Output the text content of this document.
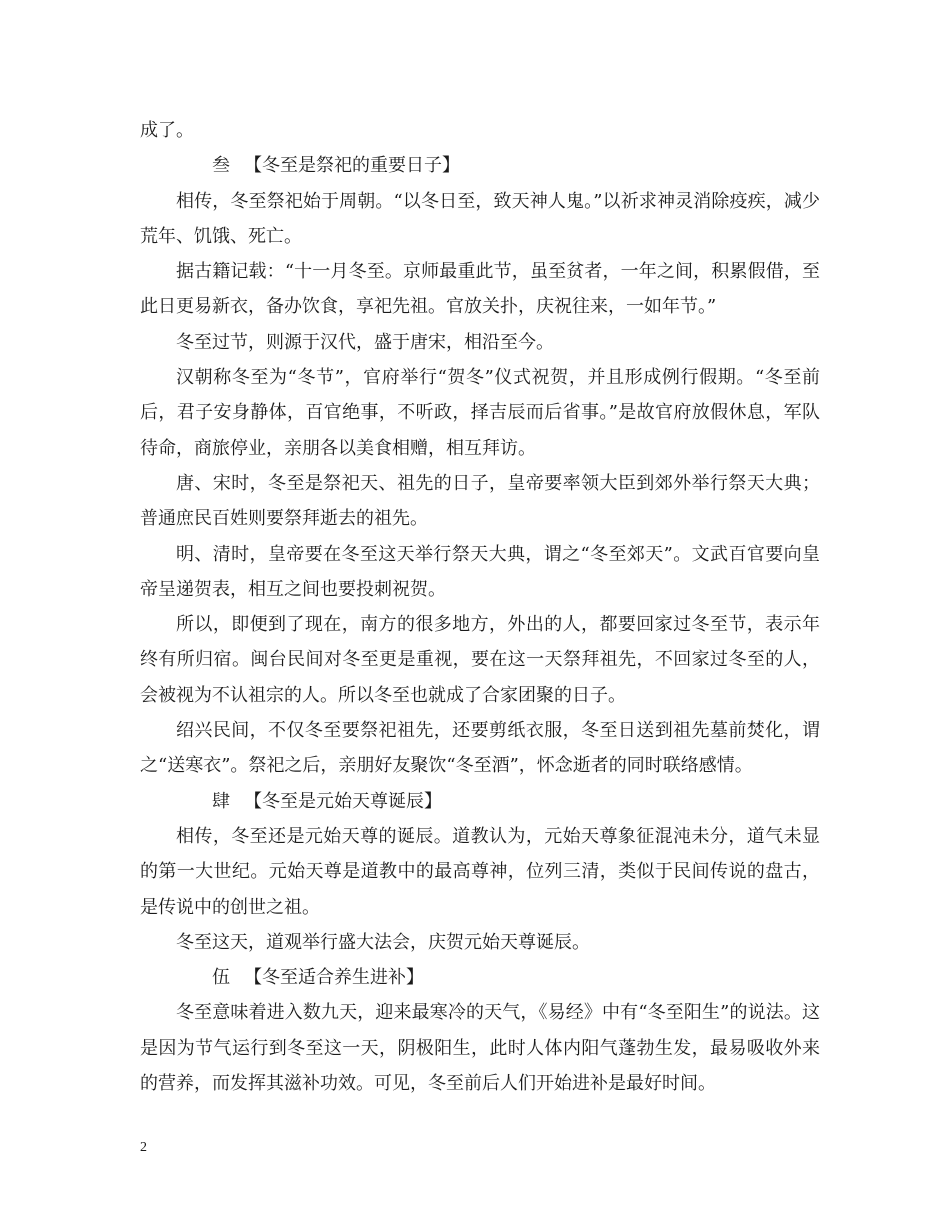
成了。

叁 【冬至是祭祀的重要日子】

相传，冬至祭祀始于周朝。“以冬日至，致天神人鬼。”以祈求神灵消除疫疾，减少荒年、饥饿、死亡。

据古籍记载：“十一月冬至。京师最重此节，虽至贫者，一年之间，积累假借，至此日更易新衣，备办饮食，享祀先祖。官放关扑，庆祝往来，一如年节。”

冬至过节，则源于汉代，盛于唐宋，相沿至今。

汉朝称冬至为“冬节”，官府举行“贺冬”仪式祝贺，并且形成例行假期。“冬至前后，君子安身静体，百官绝事，不听政，择吉辰而后省事。”是故官府放假休息，军队待命，商旅停业，亲朋各以美食相赠，相互拜访。

唐、宋时，冬至是祭祀天、祖先的日子，皇帝要率领大臣到郊外举行祭天大典；普通庶民百姓则要祭拜逝去的祖先。

明、清时，皇帝要在冬至这天举行祭天大典，谓之“冬至郊天”。文武百官要向皇帝呈递贺表，相互之间也要投刺祝贺。

所以，即便到了现在，南方的很多地方，外出的人，都要回家过冬至节，表示年终有所归宿。闽台民间对冬至更是重视，要在这一天祭拜祖先，不回家过冬至的人，会被视为不认祖宗的人。所以冬至也就成了合家团聚的日子。

绍兴民间，不仅冬至要祭祀祖先，还要剪纸衣服，冬至日送到祖先墓前焚化，谓之“送寒衣”。祭祀之后，亲朋好友聚饮“冬至酒”，怀念逝者的同时联络感情。

肆 【冬至是元始天尊诞辰】

相传，冬至还是元始天尊的诞辰。道教认为，元始天尊象征混沌未分，道气未显的第一大世纪。元始天尊是道教中的最高尊神，位列三清，类似于民间传说的盘古，是传说中的创世之祖。

冬至这天，道观举行盛大法会，庆贺元始天尊诞辰。

伍 【冬至适合养生进补】

冬至意味着进入数九天，迎来最寒冷的天气，《易经》中有“冬至阳生”的说法。这是因为节气运行到冬至这一天，阴极阳生，此时人体内阳气蓬勃生发，最易吸收外来的营养，而发挥其滋补功效。可见，冬至前后人们开始进补是最好时间。

2
